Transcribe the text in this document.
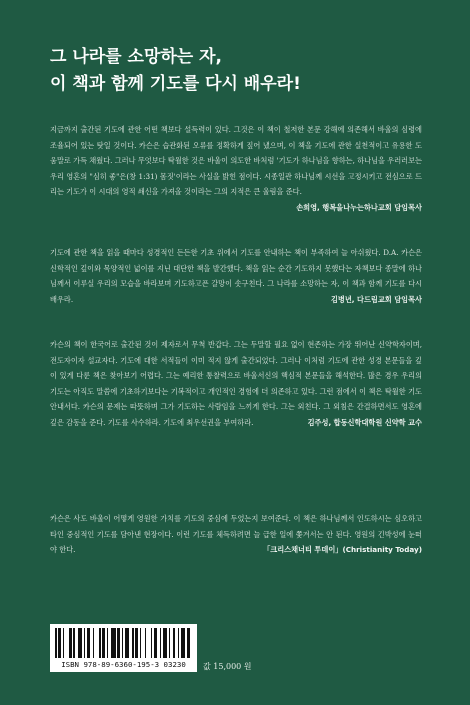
그 나라를 소망하는 자,
이 책과 함께 기도를 다시 배우라!
지금까지 출간된 기도에 관한 어떤 책보다 설득력이 있다. 그것은 이 책이 철저한 본문 강해에 의존해서 바울의 심령에 조율되어 있는 탓일 것이다. 카슨은 습관화된 오류를 정확하게 짚어 냈으며, 이 책을 기도에 관한 실천적이고 유용한 도움말로 가득 채웠다. 그러나 무엇보다 탁월한 것은 바울이 의도한 바처럼 '기도가 하나님을 향하는, 하나님을 우러러보는 우리 영혼의 "심히 좋"은(창 1:31) 몸짓'이라는 사실을 밝힌 점이다. 시종일관 하나님께 시선을 고정시키고 전심으로 드리는 기도가 이 시대의 영적 쇄신을 가져올 것이라는 그의 지적은 큰 울림을 준다.
손희영, 행복을나누는하나교회 담임목사
기도에 관한 책을 읽을 때마다 성경적인 든든한 기초 위에서 기도를 안내하는 책이 부족하여 늘 아쉬웠다. D.A. 카슨은 신학적인 깊이와 목양적인 넓이를 지닌 대단한 책을 발간했다. 책을 읽는 순간 기도하지 못했다는 자책보다 종말에 하나님께서 이루실 우리의 모습을 바라보며 기도하고픈 갈망이 솟구친다. 그 나라를 소망하는 자, 이 책과 함께 기도를 다시 배우라.	김병년, 다드림교회 담임목사
카슨의 책이 한국어로 출간된 것이 제자로서 무척 반갑다. 그는 두말할 필요 없이 현존하는 가장 뛰어난 신약학자이며, 전도자이자 설교자다. 기도에 대한 서적들이 이미 적지 않게 출간되었다. 그러나 이처럼 기도에 관한 성경 본문들을 깊이 있게 다룬 책은 찾아보기 어렵다. 그는 예리한 통찰력으로 바울서신의 핵심적 본문들을 해석한다. 많은 경우 우리의 기도는 아직도 말씀에 기초하기보다는 기복적이고 개인적인 경험에 더 의존하고 있다. 그런 점에서 이 책은 탁월한 기도 안내서다. 카슨의 문제는 따뜻하며 그가 기도하는 사람임을 느끼게 한다. 그는 외친다. 그 외침은 간결하면서도 영혼에 깊은 감동을 준다. 기도를 사수하라. 기도에 최우선권을 부여하라.	김주성, 합동신학대학원 신약학 교수
카슨은 사도 바울이 어떻게 영원한 가치를 기도의 중심에 두었는지 보여준다. 이 책은 하나님께서 인도하시는 심오하고 타인 중심적인 기도를 담아낸 현장이다. 이런 기도를 체득하려면 늘 급한 일에 쫓겨서는 안 된다. 영원의 긴박성에 눈떠야 한다.	「크리스채너티 투데이」(Christianity Today)
ISBN 978-89-6360-195-3 03230	값 15,000 원
